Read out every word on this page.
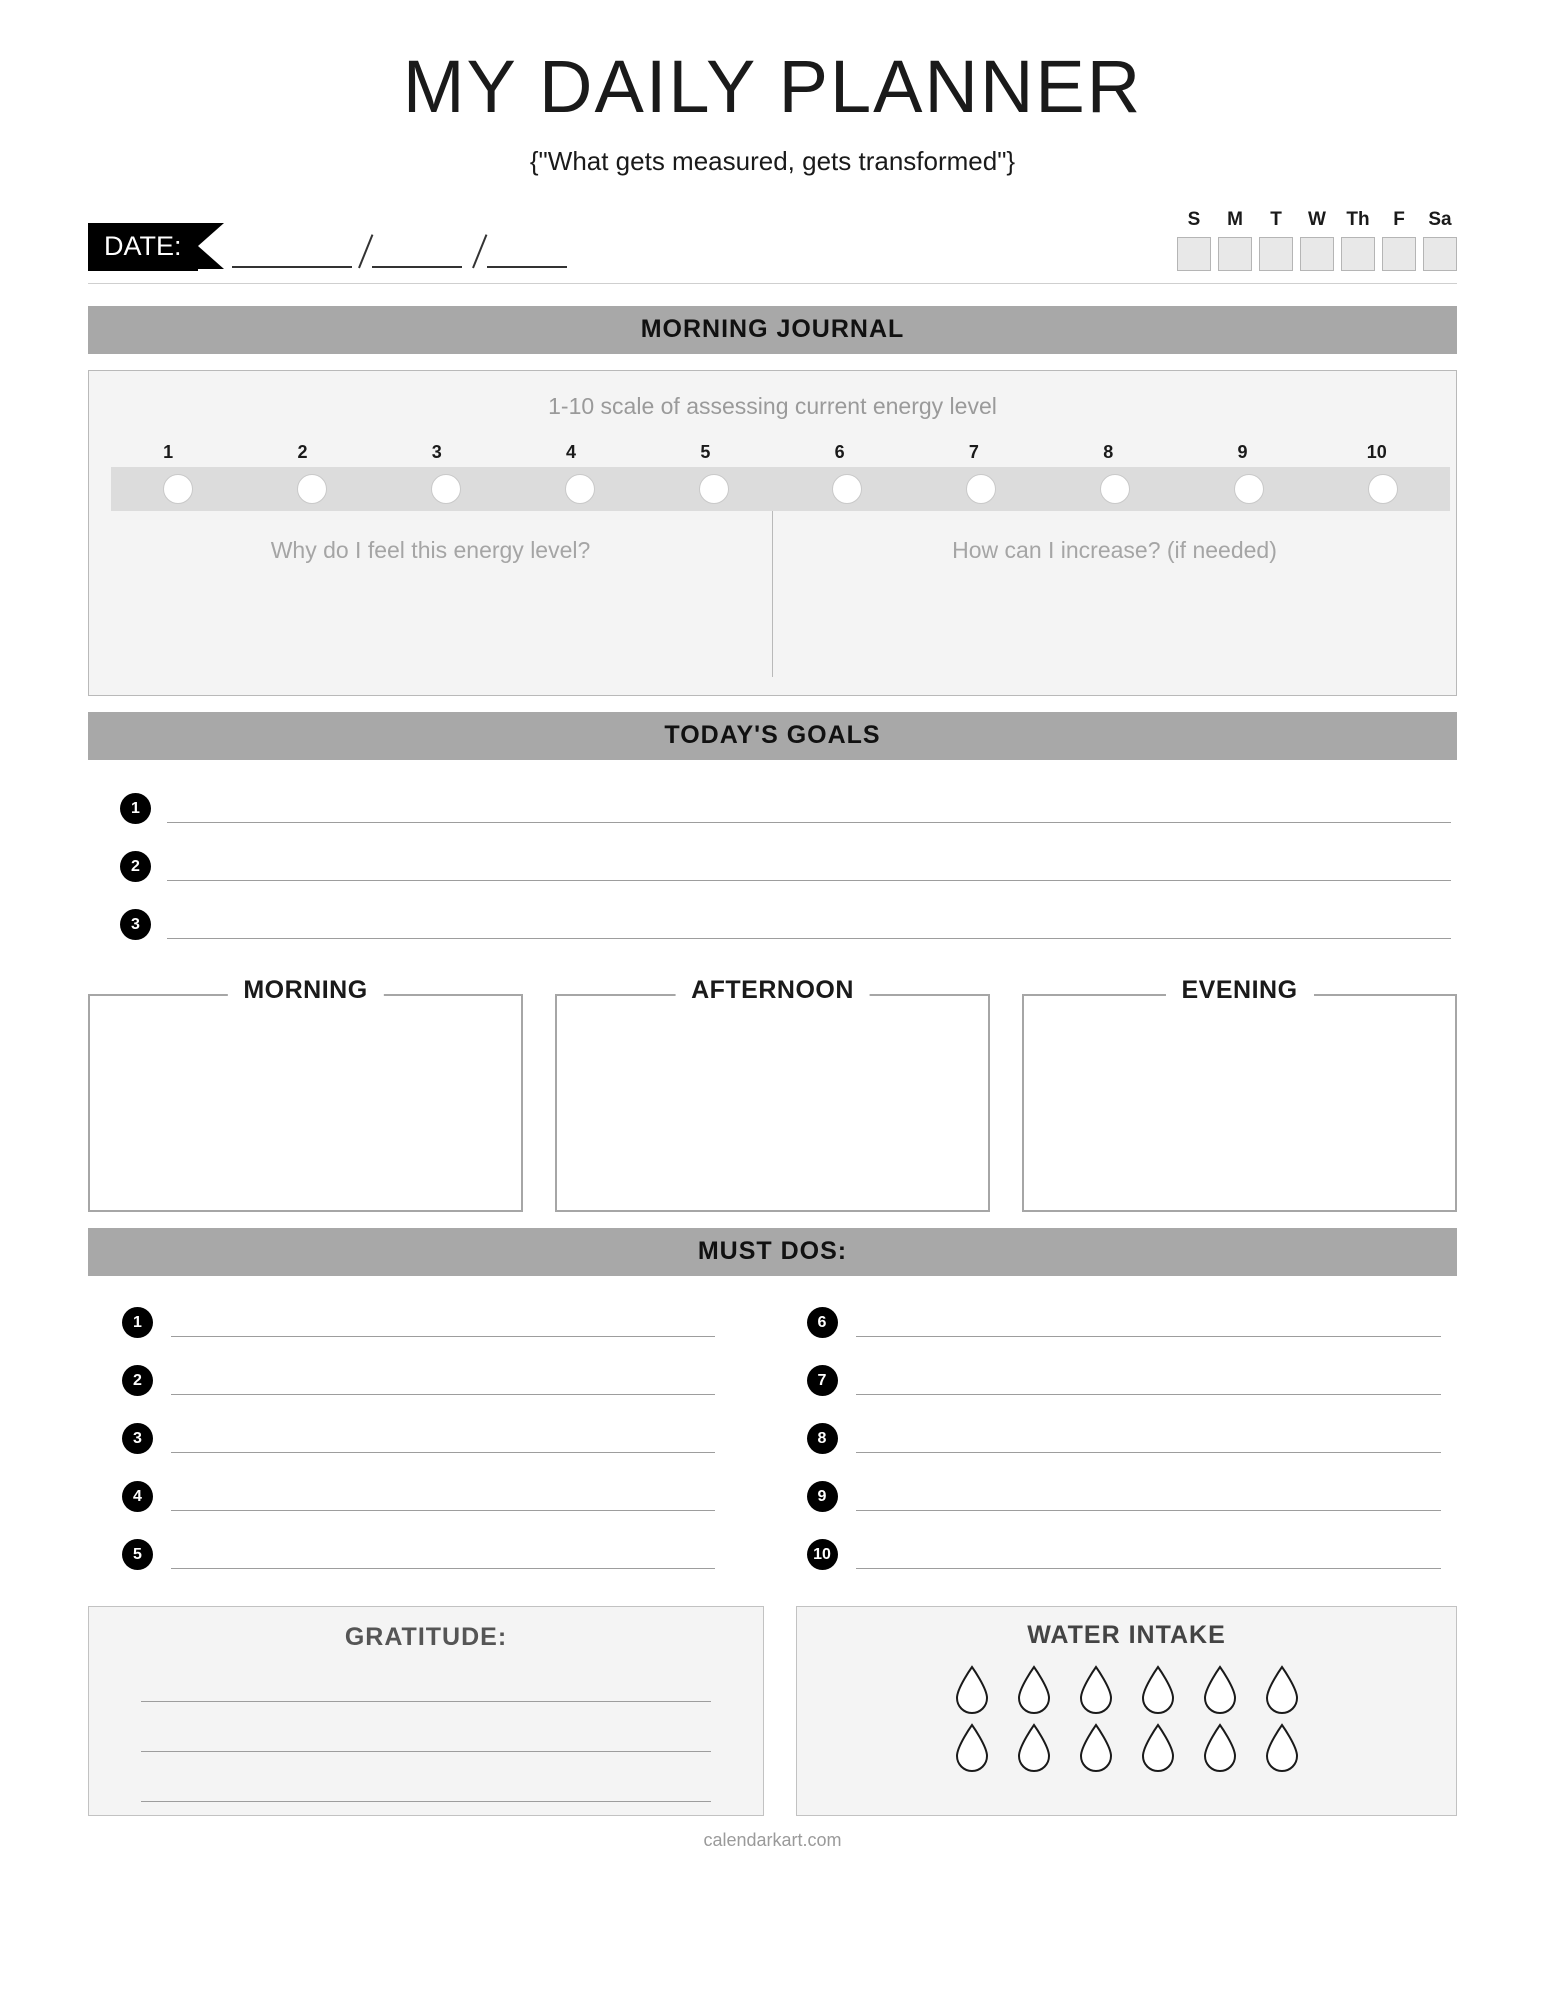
MY DAILY PLANNER
{"What gets measured, gets transformed"}
DATE:
S	M	T	W	Th	F	Sa
MORNING JOURNAL
1-10 scale of assessing current energy level
1	2	3	4	5	6	7	8	9	10
Why do I feel this energy level?	How can I increase? (if needed)
TODAY'S GOALS
1
2
3
MORNING	AFTERNOON	EVENING
MUST DOS:
1
2
3
4
5
6
7
8
9
10
GRATITUDE:	WATER INTAKE
calendarkart.com
